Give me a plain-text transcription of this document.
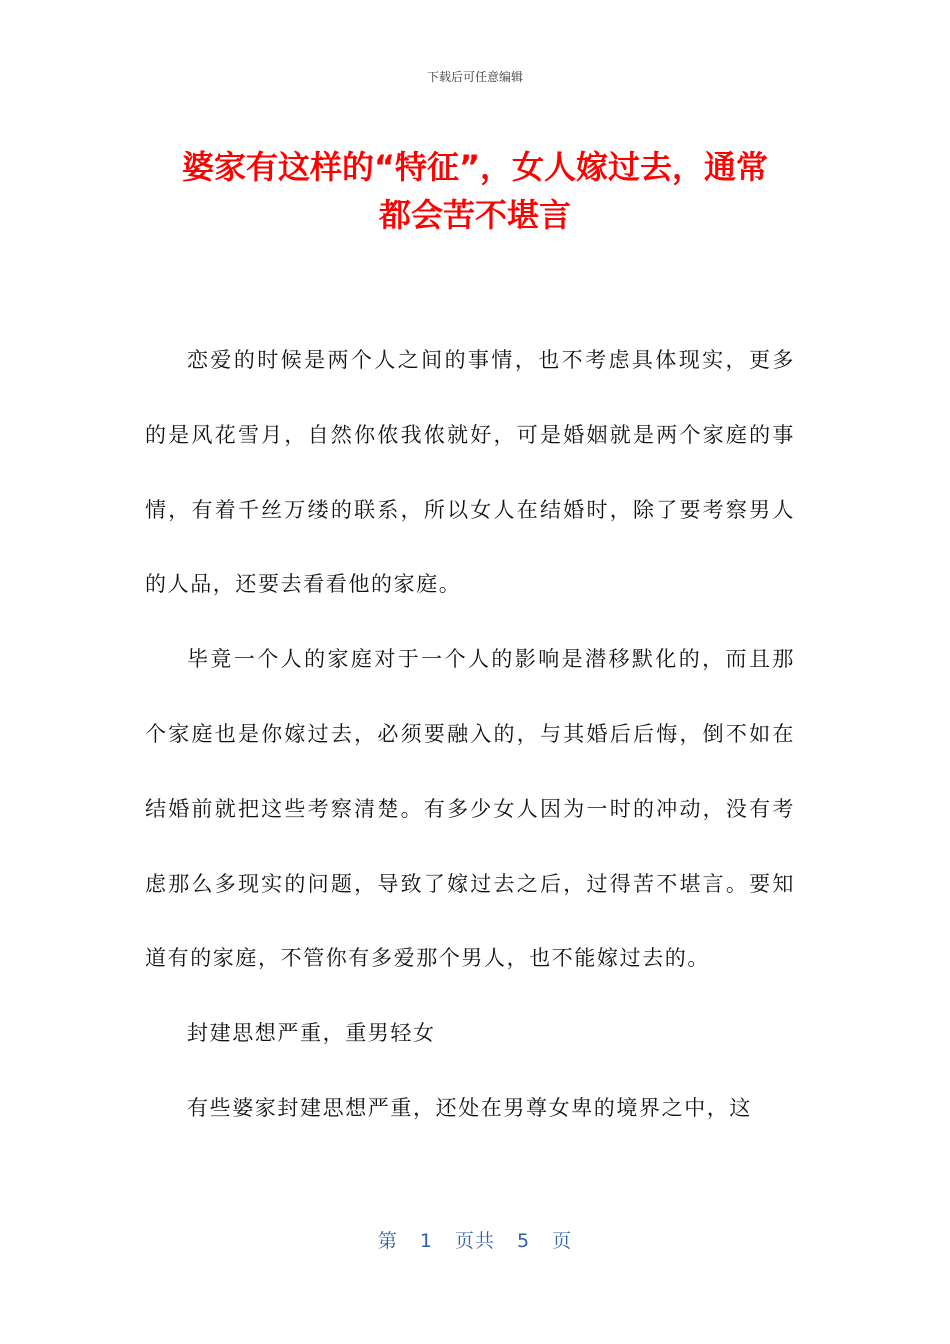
下载后可任意编辑
婆家有这样的“特征”，女人嫁过去，通常
都会苦不堪言

恋爱的时候是两个人之间的事情，也不考虑具体现实，更多的是风花雪月，自然你侬我侬就好，可是婚姻就是两个家庭的事情，有着千丝万缕的联系，所以女人在结婚时，除了要考察男人的人品，还要去看看他的家庭。

毕竟一个人的家庭对于一个人的影响是潜移默化的，而且那个家庭也是你嫁过去，必须要融入的，与其婚后后悔，倒不如在结婚前就把这些考察清楚。有多少女人因为一时的冲动，没有考虑那么多现实的问题，导致了嫁过去之后，过得苦不堪言。要知道有的家庭，不管你有多爱那个男人，也不能嫁过去的。

封建思想严重，重男轻女

有些婆家封建思想严重，还处在男尊女卑的境界之中，这

第 1 页共 5 页
